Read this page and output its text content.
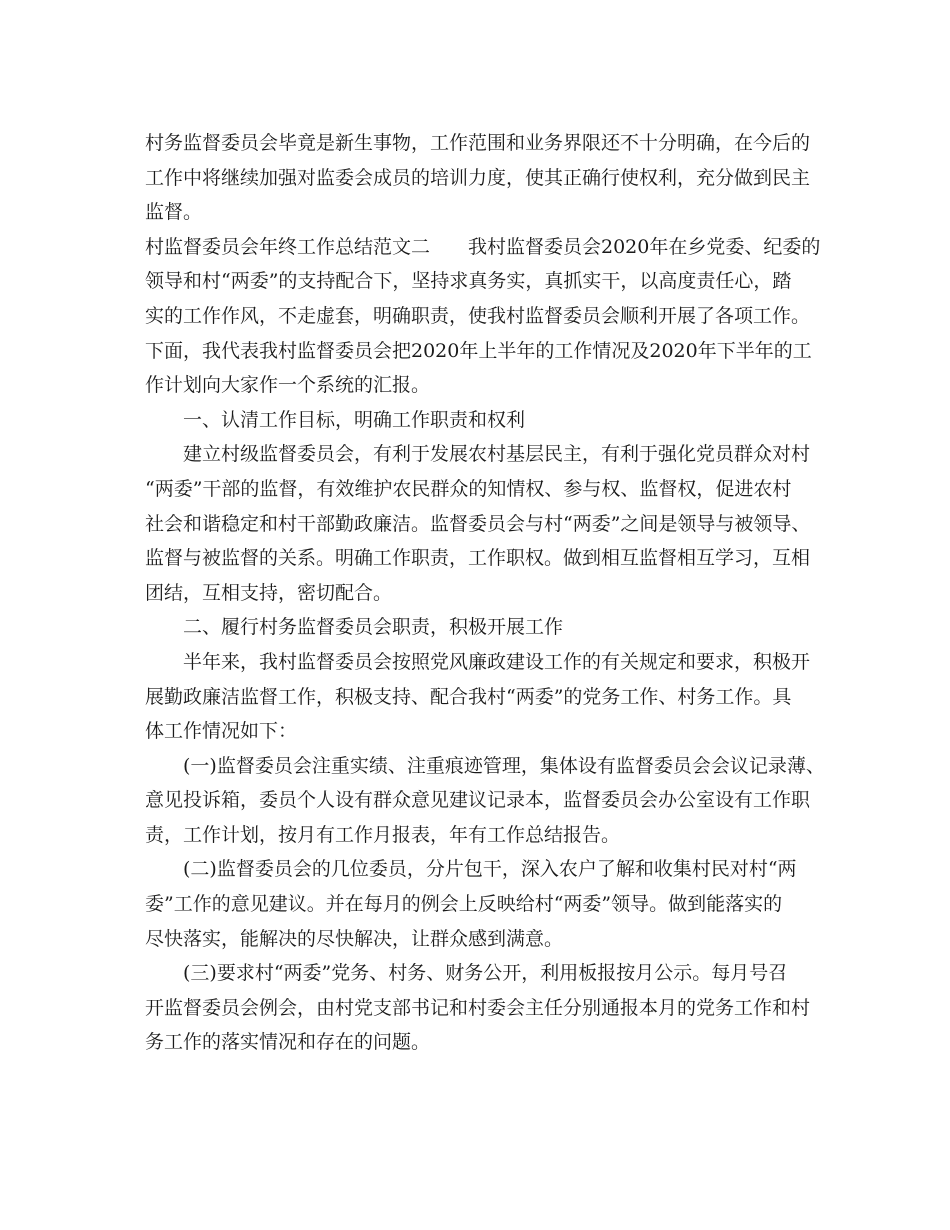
村务监督委员会毕竟是新生事物，工作范围和业务界限还不十分明确，在今后的
工作中将继续加强对监委会成员的培训力度，使其正确行使权利，充分做到民主
监督。
村监督委员会年终工作总结范文二　　我村监督委员会2020年在乡党委、纪委的
领导和村“两委”的支持配合下，坚持求真务实，真抓实干，以高度责任心，踏
实的工作作风，不走虚套，明确职责，使我村监督委员会顺利开展了各项工作。
下面，我代表我村监督委员会把2020年上半年的工作情况及2020年下半年的工
作计划向大家作一个系统的汇报。
一、认清工作目标，明确工作职责和权利
建立村级监督委员会，有利于发展农村基层民主，有利于强化党员群众对村
“两委”干部的监督，有效维护农民群众的知情权、参与权、监督权，促进农村
社会和谐稳定和村干部勤政廉洁。监督委员会与村“两委”之间是领导与被领导、
监督与被监督的关系。明确工作职责，工作职权。做到相互监督相互学习，互相
团结，互相支持，密切配合。
二、履行村务监督委员会职责，积极开展工作
半年来，我村监督委员会按照党风廉政建设工作的有关规定和要求，积极开
展勤政廉洁监督工作，积极支持、配合我村“两委”的党务工作、村务工作。具
体工作情况如下：
(一)监督委员会注重实绩、注重痕迹管理，集体设有监督委员会会议记录薄、
意见投诉箱，委员个人设有群众意见建议记录本，监督委员会办公室设有工作职
责，工作计划，按月有工作月报表，年有工作总结报告。
(二)监督委员会的几位委员，分片包干，深入农户了解和收集村民对村“两
委”工作的意见建议。并在每月的例会上反映给村“两委”领导。做到能落实的
尽快落实，能解决的尽快解决，让群众感到满意。
(三)要求村“两委”党务、村务、财务公开，利用板报按月公示。每月号召
开监督委员会例会，由村党支部书记和村委会主任分别通报本月的党务工作和村
务工作的落实情况和存在的问题。
